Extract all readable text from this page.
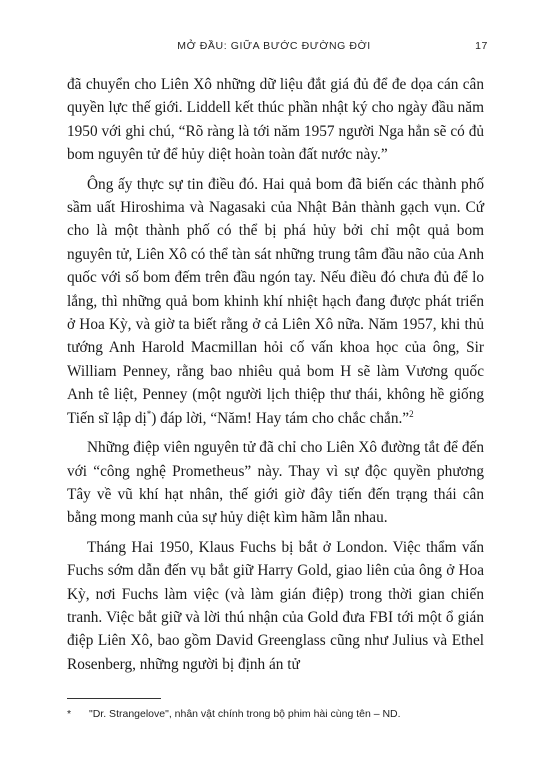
MỞ ĐẦU: GIỮA BƯỚC ĐƯỜNG ĐỜI	17

đã chuyển cho Liên Xô những dữ liệu đắt giá đủ để đe dọa cán cân quyền lực thế giới. Liddell kết thúc phần nhật ký cho ngày đầu năm 1950 với ghi chú, “Rõ ràng là tới năm 1957 người Nga hẳn sẽ có đủ bom nguyên tử để hủy diệt hoàn toàn đất nước này.”

Ông ấy thực sự tin điều đó. Hai quả bom đã biến các thành phố sầm uất Hiroshima và Nagasaki của Nhật Bản thành gạch vụn. Cứ cho là một thành phố có thể bị phá hủy bởi chỉ một quả bom nguyên tử, Liên Xô có thể tàn sát những trung tâm đầu não của Anh quốc với số bom đếm trên đầu ngón tay. Nếu điều đó chưa đủ để lo lắng, thì những quả bom khinh khí nhiệt hạch đang được phát triển ở Hoa Kỳ, và giờ ta biết rằng ở cả Liên Xô nữa. Năm 1957, khi thủ tướng Anh Harold Macmillan hỏi cố vấn khoa học của ông, Sir William Penney, rằng bao nhiêu quả bom H sẽ làm Vương quốc Anh tê liệt, Penney (một người lịch thiệp thư thái, không hề giống Tiến sĩ lập dị*) đáp lời, “Năm! Hay tám cho chắc chắn.”$^2$

Những điệp viên nguyên tử đã chỉ cho Liên Xô đường tắt để đến với “công nghệ Prometheus” này. Thay vì sự độc quyền phương Tây về vũ khí hạt nhân, thế giới giờ đây tiến đến trạng thái cân bằng mong manh của sự hủy diệt kìm hãm lẫn nhau.

Tháng Hai 1950, Klaus Fuchs bị bắt ở London. Việc thẩm vấn Fuchs sớm dẫn đến vụ bắt giữ Harry Gold, giao liên của ông ở Hoa Kỳ, nơi Fuchs làm việc (và làm gián điệp) trong thời gian chiến tranh. Việc bắt giữ và lời thú nhận của Gold đưa FBI tới một ổ gián điệp Liên Xô, bao gồm David Greenglass cũng như Julius và Ethel Rosenberg, những người bị định án tử

* "Dr. Strangelove", nhân vật chính trong bộ phim hài cùng tên – ND.
